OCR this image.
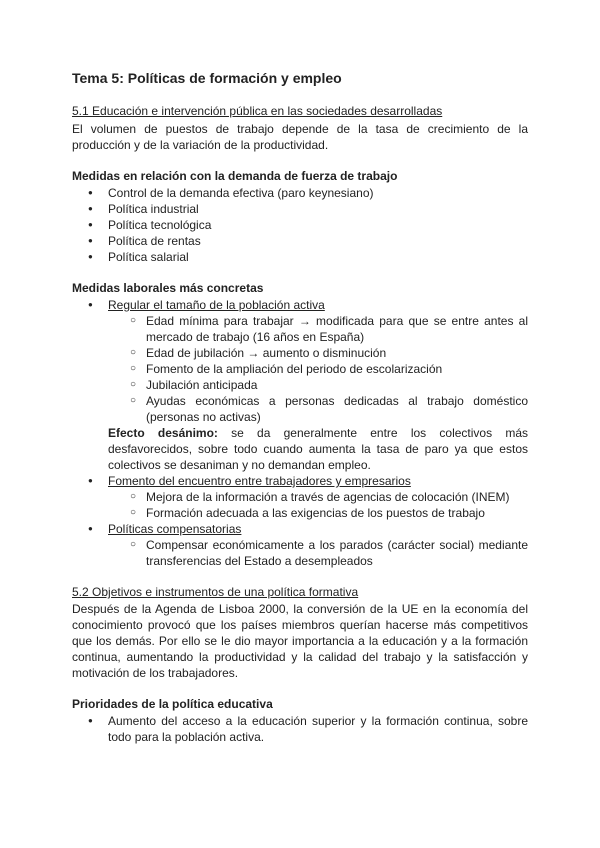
Tema 5: Políticas de formación y empleo

5.1 Educación e intervención pública en las sociedades desarrolladas

El volumen de puestos de trabajo depende de la tasa de crecimiento de la producción y de la variación de la productividad.

Medidas en relación con la demanda de fuerza de trabajo

● Control de la demanda efectiva (paro keynesiano)
● Política industrial
● Política tecnológica
● Política de rentas
● Política salarial

Medidas laborales más concretas

● Regular el tamaño de la población activa
○ Edad mínima para trabajar → modificada para que se entre antes al mercado de trabajo (16 años en España)
○ Edad de jubilación → aumento o disminución
○ Fomento de la ampliación del periodo de escolarización
○ Jubilación anticipada
○ Ayudas económicas a personas dedicadas al trabajo doméstico (personas no activas)

Efecto desánimo: se da generalmente entre los colectivos más desfavorecidos, sobre todo cuando aumenta la tasa de paro ya que estos colectivos se desaniman y no demandan empleo.

● Fomento del encuentro entre trabajadores y empresarios
○ Mejora de la información a través de agencias de colocación (INEM)
○ Formación adecuada a las exigencias de los puestos de trabajo
● Políticas compensatorias
○ Compensar económicamente a los parados (carácter social) mediante transferencias del Estado a desempleados

5.2 Objetivos e instrumentos de una política formativa

Después de la Agenda de Lisboa 2000, la conversión de la UE en la economía del conocimiento provocó que los países miembros querían hacerse más competitivos que los demás. Por ello se le dio mayor importancia a la educación y a la formación continua, aumentando la productividad y la calidad del trabajo y la satisfacción y motivación de los trabajadores.

Prioridades de la política educativa

● Aumento del acceso a la educación superior y la formación continua, sobre todo para la población activa.
